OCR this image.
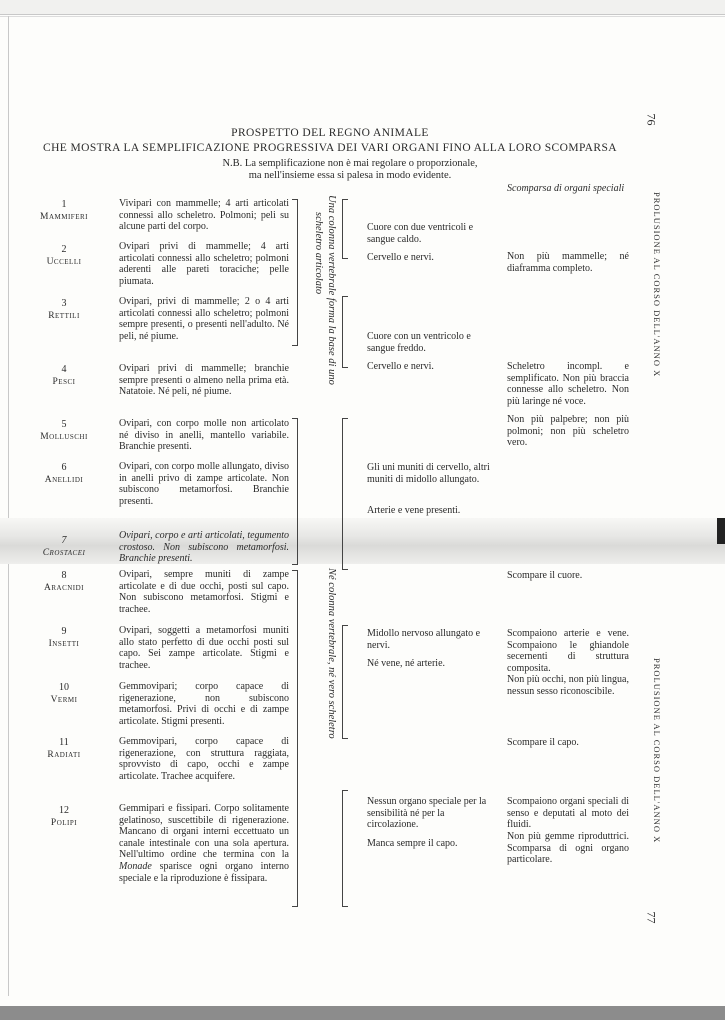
76
77
PROLUSIONE AL CORSO DELL'ANNO X
PROLUSIONE AL CORSO DELL'ANNO X
PROSPETTO DEL REGNO ANIMALE
CHE MOSTRA LA SEMPLIFICAZIONE PROGRESSIVA DEI VARI ORGANI FINO ALLA LORO SCOMPARSA
N.B. La semplificazione non è mai regolare o proporzionale,
ma nell'insieme essa si palesa in modo evidente.
Scomparsa di organi speciali
1
Mammiferi
2
Uccelli
3
Rettili
4
Pesci
5
Molluschi
6
Anellidi
7
Crostacei
8
Aracnidi
9
Insetti
10
Vermi
11
Radiati
12
Polipi
Vivipari con mammelle; 4 arti articolati connessi allo scheletro. Polmoni; peli su alcune parti del corpo.
Ovipari privi di mammelle; 4 arti articolati connessi allo scheletro; polmoni aderenti alle pareti toraciche; pelle piumata.
Ovipari, privi di mammelle; 2 o 4 arti articolati connessi allo scheletro; polmoni sempre presenti, o presenti nell'adulto. Né peli, né piume.
Ovipari privi di mammelle; branchie sempre presenti o almeno nella prima età. Natatoie. Né peli, né piume.
Ovipari, con corpo molle non articolato né diviso in anelli, mantello variabile. Branchie presenti.
Ovipari, con corpo molle allungato, diviso in anelli privo di zampe articolate. Non subiscono metamorfosi. Branchie presenti.
Ovipari, corpo e arti articolati, tegumento crostoso. Non subiscono metamorfosi. Branchie presenti.
Ovipari, sempre muniti di zampe articolate e di due occhi, posti sul capo. Non subiscono metamorfosi. Stigmi e trachee.
Ovipari, soggetti a metamorfosi muniti allo stato perfetto di due occhi posti sul capo. Sei zampe articolate. Stigmi e trachee.
Gemmovipari; corpo capace di rigenerazione, non subiscono metamorfosi. Privi di occhi e di zampe articolate. Stigmi presenti.
Gemmovipari, corpo capace di rigenerazione, con struttura raggiata, sprovvisto di capo, occhi e zampe articolate. Trachee acquifere.
Gemmipari e fissipari. Corpo solitamente gelatinoso, suscettibile di rigenerazione. Mancano di organi interni eccettuato un canale intestinale con una sola apertura. Nell'ultimo ordine che termina con la Monade sparisce ogni organo interno speciale e la riproduzione è fissipara.
Una colonna vertebrale forma la base di uno
scheletro articolato
Né colonna vertebrale, né vero scheletro
Cuore con due ventricoli e sangue caldo.
Cervello e nervi.
Cuore con un ventricolo e sangue freddo.
Cervello e nervi.
Gli uni muniti di cervello, altri muniti di midollo allungato.
Arterie e vene presenti.
Midollo nervoso allungato e nervi.
Né vene, né arterie.
Nessun organo speciale per la sensibilità né per la circolazione.
Manca sempre il capo.
Non più mammelle; né diaframma completo.
Scheletro incompl. e semplificato. Non più braccia connesse allo scheletro. Non più laringe né voce.
Non più palpebre; non più polmoni; non più scheletro vero.
Scompare il cuore.
Scompaiono arterie e vene. Scompaiono le ghiandole secernenti di struttura composita.
Non più occhi, non più lingua, nessun sesso riconoscibile.
Scompare il capo.
Scompaiono organi speciali di senso e deputati al moto dei fluidi.
Non più gemme riproduttrici. Scomparsa di ogni organo particolare.
